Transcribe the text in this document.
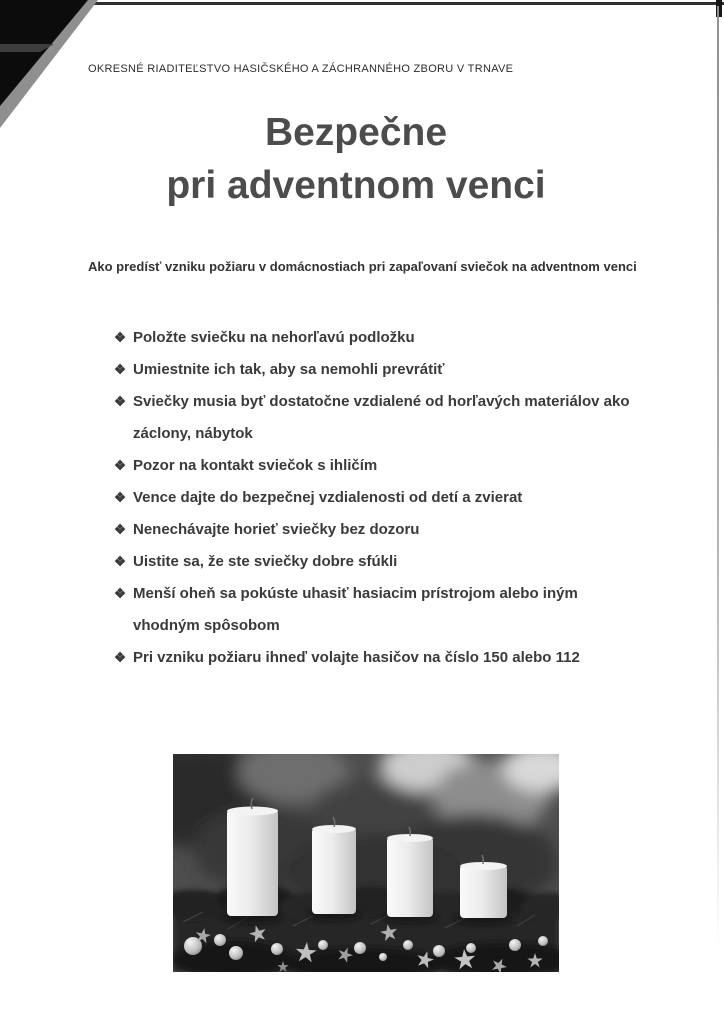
OKRESNÉ RIADITEĽSTVO HASIČSKÉHO A ZÁCHRANNÉHO ZBORU V TRNAVE
Bezpečne
pri adventnom venci

Ako predísť vzniku požiaru v domácnostiach pri zapaľovaní sviečok na adventnom venci

❖ Položte sviečku na nehorľavú podložku
❖ Umiestnite ich tak, aby sa nemohli prevrátiť
❖ Sviečky musia byť dostatočne vzdialené od horľavých materiálov ako
záclony, nábytok
❖ Pozor na kontakt sviečok s ihličím
❖ Vence dajte do bezpečnej vzdialenosti od detí a zvierat
❖ Nenechávajte horieť sviečky bez dozoru
❖ Uistite sa, že ste sviečky dobre sfúkli
❖ Menší oheň sa pokúste uhasiť hasiacim prístrojom alebo iným
vhodným spôsobom
❖ Pri vzniku požiaru ihneď volajte hasičov na číslo 150 alebo 112
